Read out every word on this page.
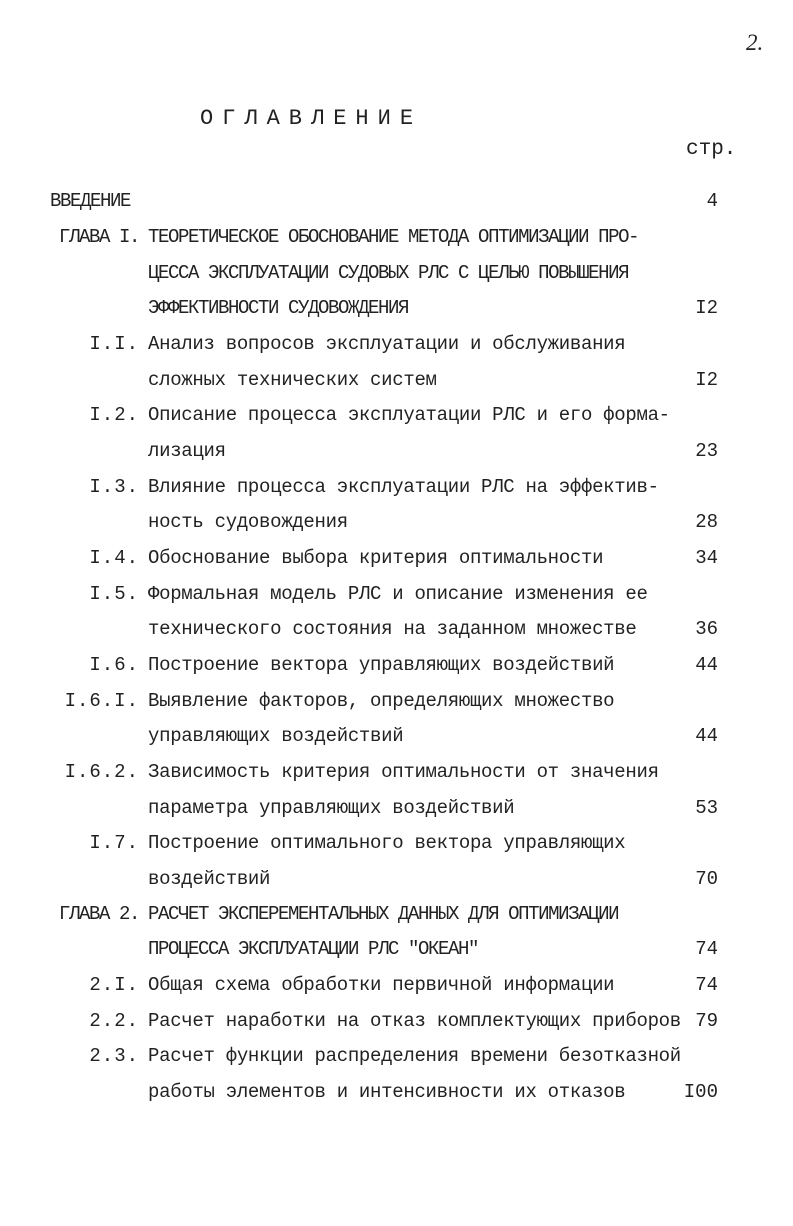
2.
ОГЛАВЛЕНИЕ
стр.
ВВЕДЕНИЕ	4
ГЛАВА I. ТЕОРЕТИЧЕСКОЕ ОБОСНОВАНИЕ МЕТОДА ОПТИМИЗАЦИИ ПРО-
ЦЕССА ЭКСПЛУАТАЦИИ СУДОВЫХ РЛС С ЦЕЛЬЮ ПОВЫШЕНИЯ
ЭФФЕКТИВНОСТИ СУДОВОЖДЕНИЯ	I2
I.I. Анализ вопросов эксплуатации и обслуживания
сложных технических систем	I2
I.2. Описание процесса эксплуатации РЛС и его форма-
лизация	23
I.3. Влияние процесса эксплуатации РЛС на эффектив-
ность судовождения	28
I.4. Обоснование выбора критерия оптимальности	34
I.5. Формальная модель РЛС и описание изменения ее
технического состояния на заданном множестве	36
I.6. Построение вектора управляющих воздействий	44
I.6.I. Выявление факторов, определяющих множество
управляющих воздействий	44
I.6.2. Зависимость критерия оптимальности от значения
параметра управляющих воздействий	53
I.7. Построение оптимального вектора управляющих
воздействий	70
ГЛАВА 2. РАСЧЕТ ЭКСПЕРЕМЕНТАЛЬНЫХ ДАННЫХ ДЛЯ ОПТИМИЗАЦИИ
ПРОЦЕССА ЭКСПЛУАТАЦИИ РЛС "ОКЕАН"	74
2.I. Общая схема обработки первичной информации	74
2.2. Расчет наработки на отказ комплектующих приборов 79
2.3. Расчет функции распределения времени безотказной
работы элементов и интенсивности их отказов	I00
